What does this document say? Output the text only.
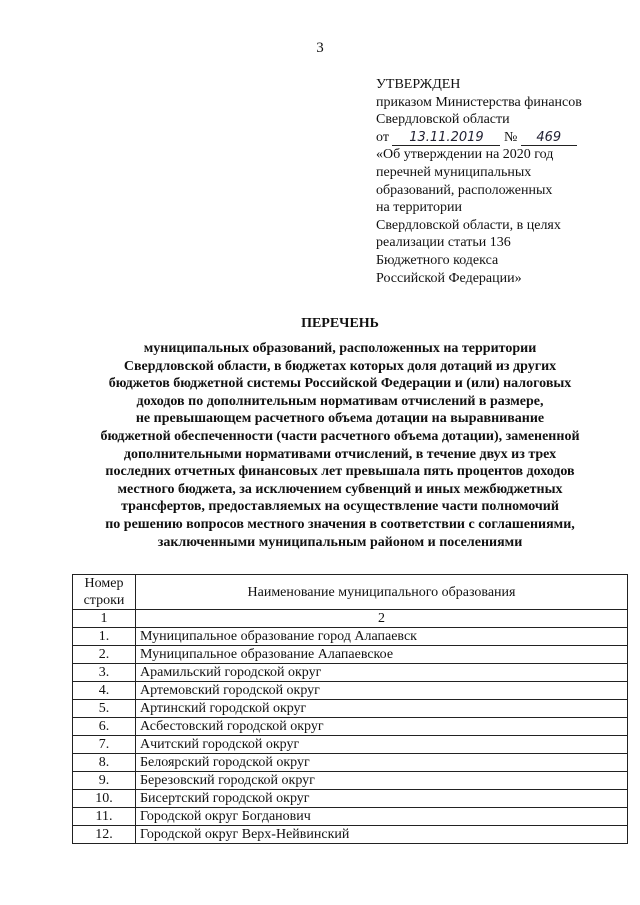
3
УТВЕРЖДЕН
приказом Министерства финансов
Свердловской области
от 13.11.2019 № 469
«Об утверждении на 2020 год
перечней муниципальных
образований, расположенных
на территории
Свердловской области, в целях
реализации статьи 136
Бюджетного кодекса
Российской Федерации»
ПЕРЕЧЕНЬ
муниципальных образований, расположенных на территории
Свердловской области, в бюджетах которых доля дотаций из других
бюджетов бюджетной системы Российской Федерации и (или) налоговых
доходов по дополнительным нормативам отчислений в размере,
не превышающем расчетного объема дотации на выравнивание
бюджетной обеспеченности (части расчетного объема дотации), замененной
дополнительными нормативами отчислений, в течение двух из трех
последних отчетных финансовых лет превышала пять процентов доходов
местного бюджета, за исключением субвенций и иных межбюджетных
трансфертов, предоставляемых на осуществление части полномочий
по решению вопросов местного значения в соответствии с соглашениями,
заключенными муниципальным районом и поселениями
Номер
строки	Наименование муниципального образования
1	2
1.	Муниципальное образование город Алапаевск
2.	Муниципальное образование Алапаевское
3.	Арамильский городской округ
4.	Артемовский городской округ
5.	Артинский городской округ
6.	Асбестовский городской округ
7.	Ачитский городской округ
8.	Белоярский городской округ
9.	Березовский городской округ
10.	Бисертский городской округ
11.	Городской округ Богданович
12.	Городской округ Верх-Нейвинский
